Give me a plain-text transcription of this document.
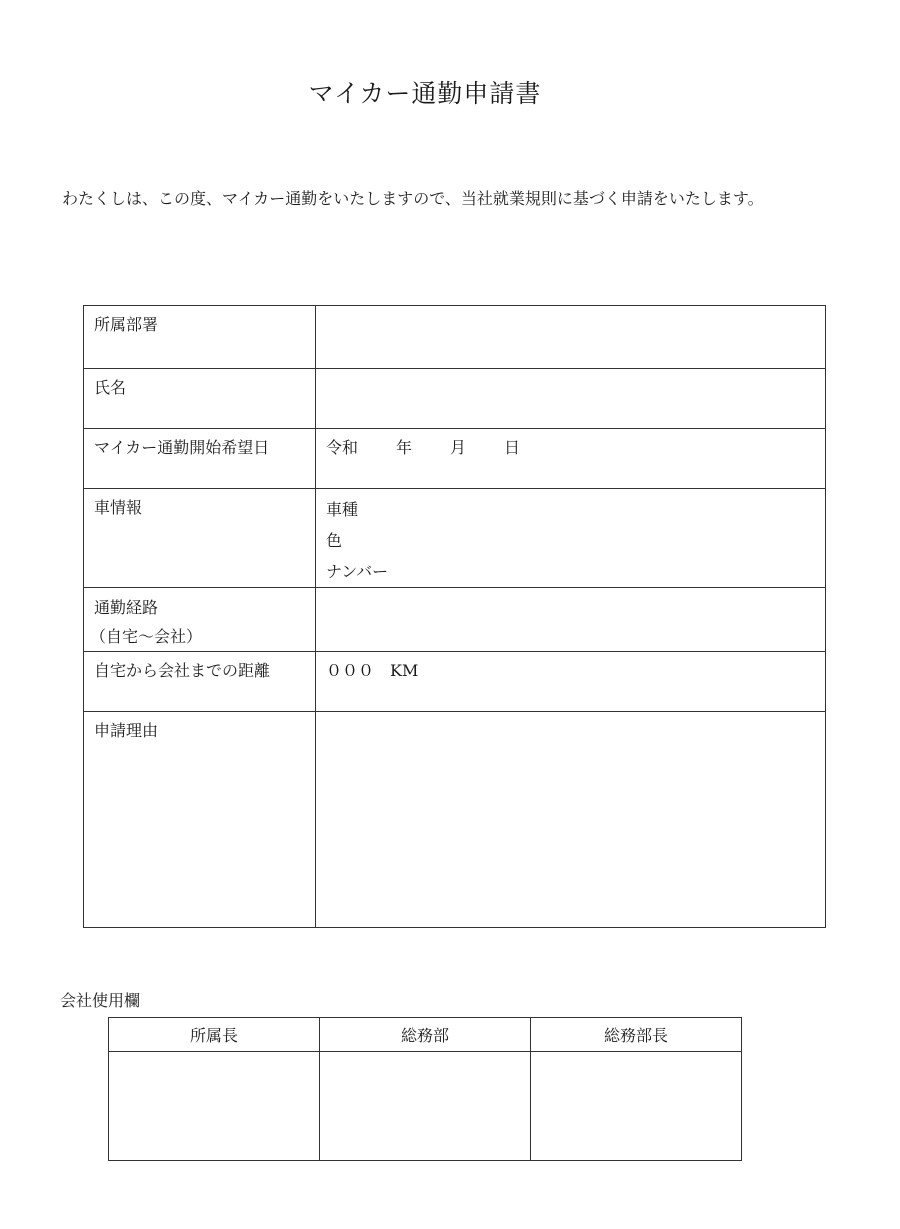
マイカー通勤申請書
わたくしは、この度、マイカー通勤をいたしますので、当社就業規則に基づく申請をいたします。
所属部署	

氏名	

マイカー通勤開始希望日	令和 年 月 日

車情報	車種
色
ナンバー

通勤経路
（自宅～会社）	

自宅から会社までの距離	０００　KM

申請理由	

会社使用欄
所属長	総務部	総務部長
